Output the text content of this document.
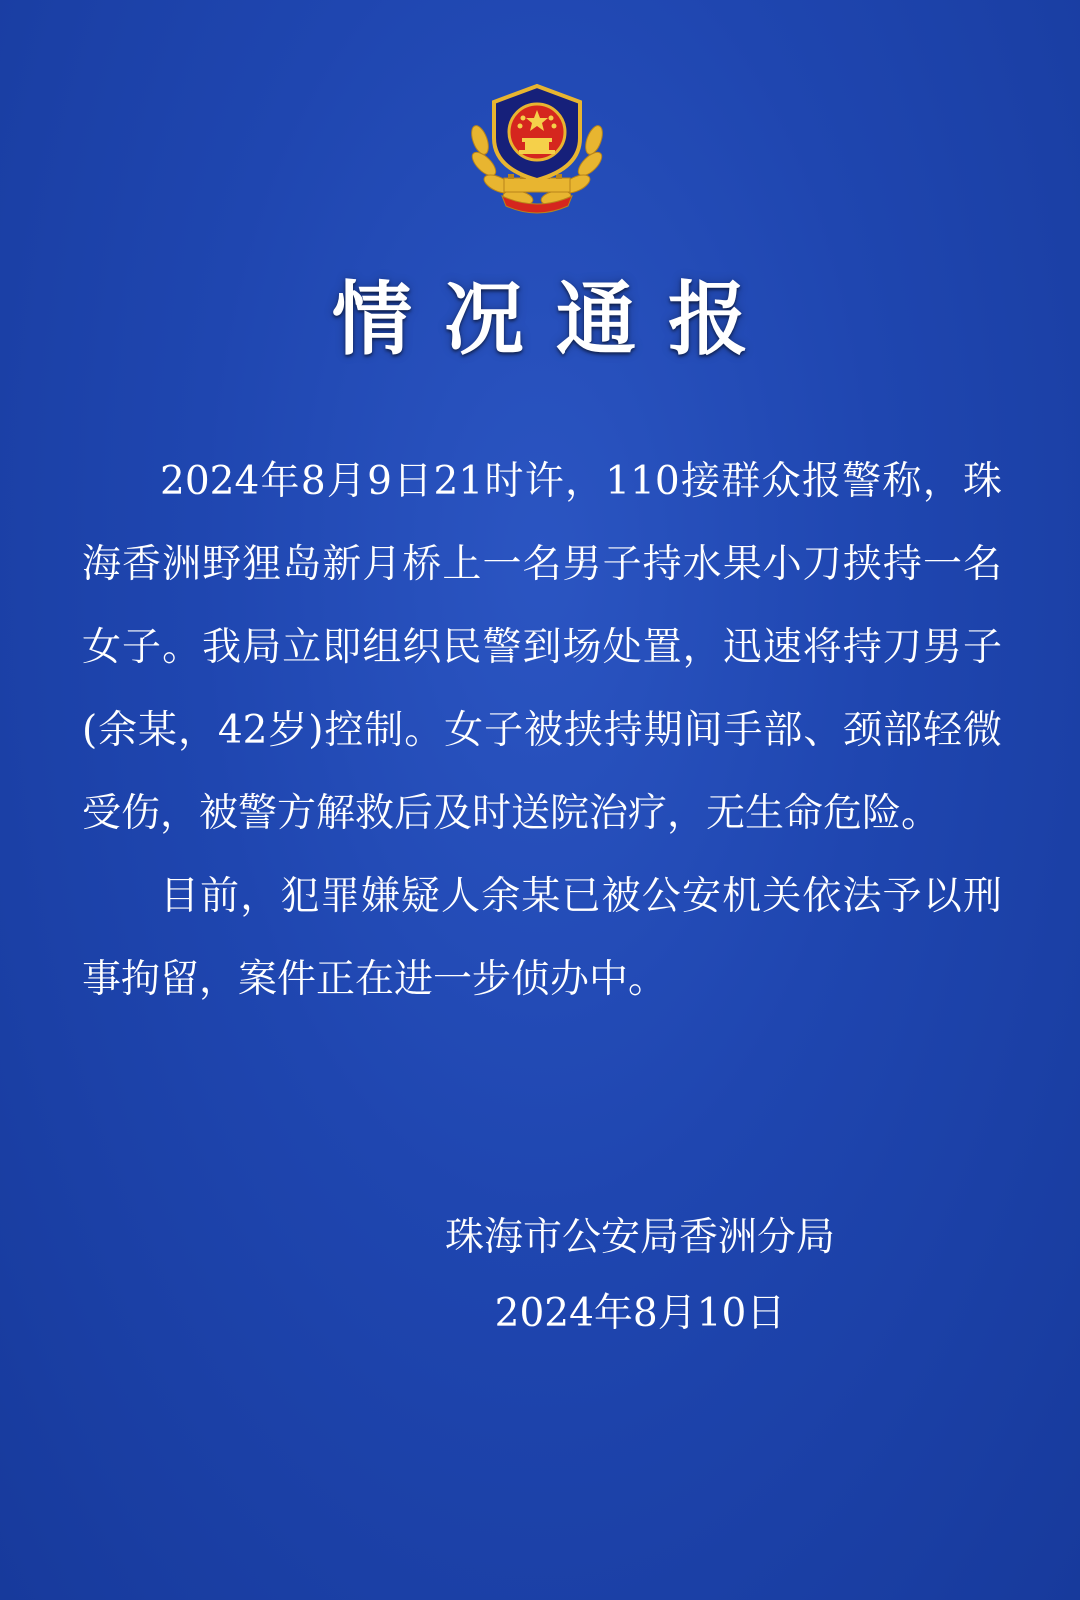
情况通报

2024年8月9日21时许，110接群众报警称，珠海香洲野狸岛新月桥上一名男子持水果小刀挟持一名女子。我局立即组织民警到场处置，迅速将持刀男子(余某，42岁)控制。女子被挟持期间手部、颈部轻微受伤，被警方解救后及时送院治疗，无生命危险。

目前，犯罪嫌疑人余某已被公安机关依法予以刑事拘留，案件正在进一步侦办中。

珠海市公安局香洲分局
2024年8月10日
